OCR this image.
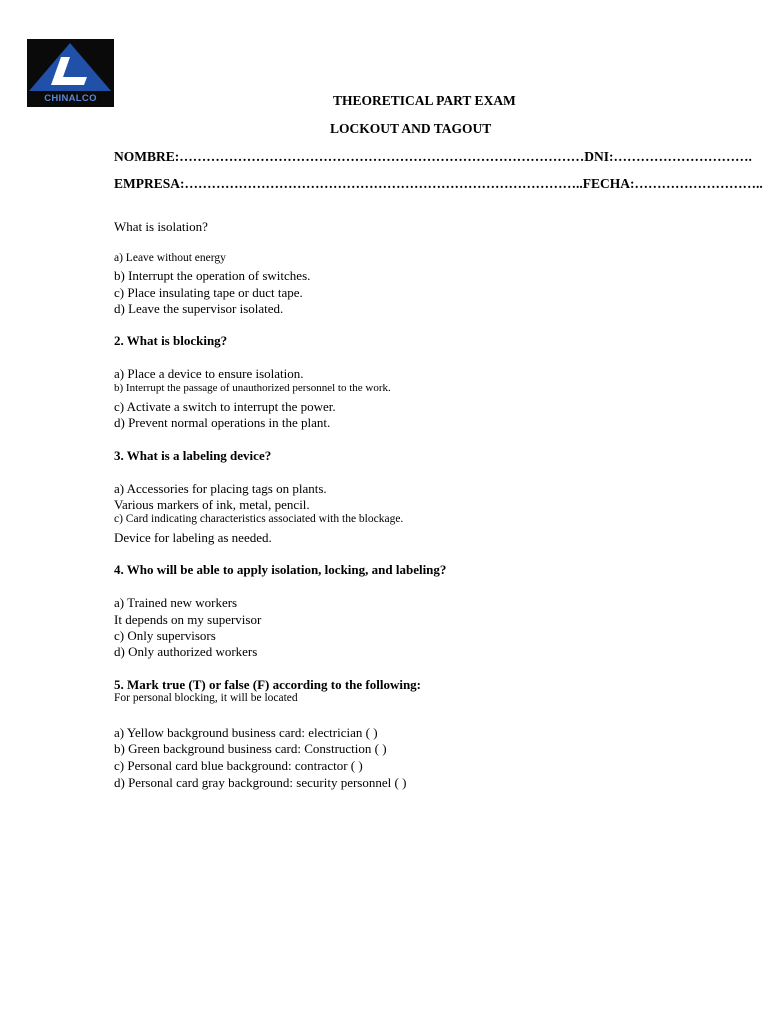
CHINALCO	THEORETICAL PART EXAM
LOCKOUT AND TAGOUT
NOMBRE:………………………………………………………………………………DNI:………………………….
EMPRESA:……………………………………………………………………………..FECHA:………………………..
What is isolation?
a) Leave without energy
b) Interrupt the operation of switches.
c) Place insulating tape or duct tape.
d) Leave the supervisor isolated.
2. What is blocking?
a) Place a device to ensure isolation.
b) Interrupt the passage of unauthorized personnel to the work.
c) Activate a switch to interrupt the power.
d) Prevent normal operations in the plant.
3. What is a labeling device?
a) Accessories for placing tags on plants.
Various markers of ink, metal, pencil.
c) Card indicating characteristics associated with the blockage.
Device for labeling as needed.
4. Who will be able to apply isolation, locking, and labeling?
a) Trained new workers
It depends on my supervisor
c) Only supervisors
d) Only authorized workers
5. Mark true (T) or false (F) according to the following:
For personal blocking, it will be located
a) Yellow background business card: electrician ( )
b) Green background business card: Construction ( )
c) Personal card blue background: contractor ( )
d) Personal card gray background: security personnel ( )
